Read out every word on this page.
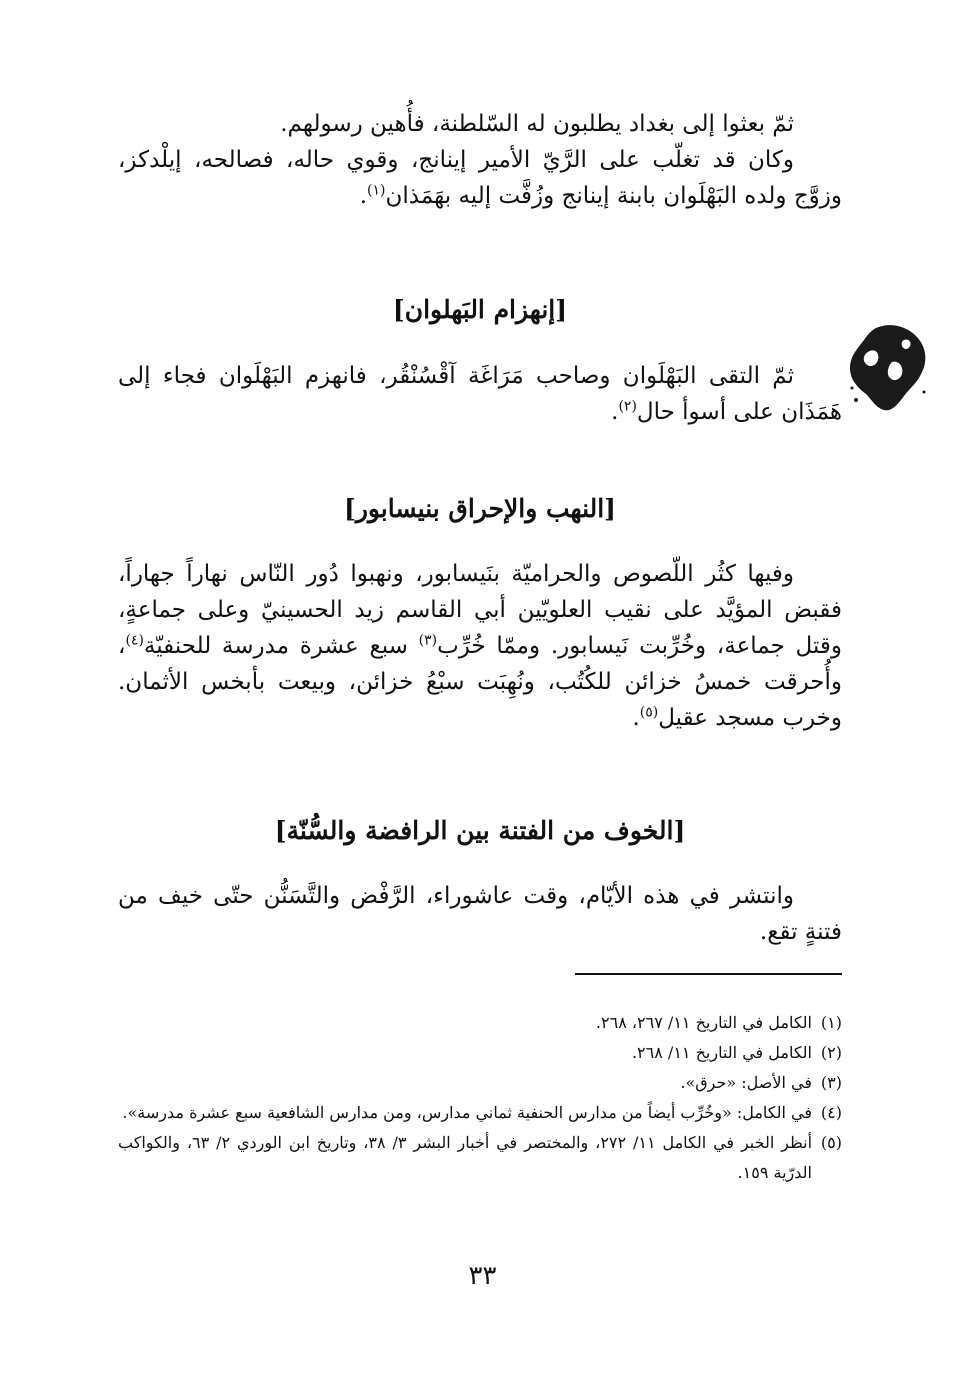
ثمّ بعثوا إلى بغداد يطلبون له السّلطنة، فأُهين رسولهم.

وكان قد تغلّب على الرَّيّ الأمير إينانج، وقوي حاله، فصالحه، إيلْدكز، وزوَّج ولده البَهْلَوان بابنة إينانج وزُفَّت إليه بهَمَذان$^{(١)}$.

[إنهزام البَهلوان]

ثمّ التقى البَهْلَوان وصاحب مَرَاغَة آقْسُنْقُر، فانهزم البَهْلَوان فجاء إلى هَمَذَان على أسوأ حال$^{(٢)}$.

[النهب والإحراق بنيسابور]

وفيها كثُر اللّصوص والحراميّة بنَيسابور، ونهبوا دُور النّاس نهاراً جهاراً، فقبض المؤيَّد على نقيب العلويّين أبي القاسم زيد الحسينيّ وعلى جماعةٍ، وقتل جماعة، وخُرِّبت نَيسابور. وممّا خُرِّب$^{(٣)}$ سبع عشرة مدرسة للحنفيّة$^{(٤)}$، وأُحرقت خمسُ خزائن للكُتُب، ونُهِبَت سبْعُ خزائن، وبيعت بأبخس الأثمان. وخرب مسجد عقيل$^{(٥)}$.

[الخوف من الفتنة بين الرافضة والسُّنّة]

وانتشر في هذه الأيّام، وقت عاشوراء، الرَّفْض والتَّسَنُّن حتّى خيف من فتنةٍ تقع.

(١)
الكامل في التاريخ ١١/ ٢٦٧، ٢٦٨.
(٢)
الكامل في التاريخ ١١/ ٢٦٨.
(٣)
في الأصل: «حرق».
(٤)
في الكامل: «وخُرِّب أيضاً من مدارس الحنفية ثماني مدارس، ومن مدارس الشافعية سبع عشرة مدرسة».
(٥)
أنظر الخبر في الكامل ١١/ ٢٧٢، والمختصر في أخبار البشر ٣/ ٣٨، وتاريخ ابن الوردي ٢/ ٦٣، والكواكب الدرّية ١٥٩.
٣٣
